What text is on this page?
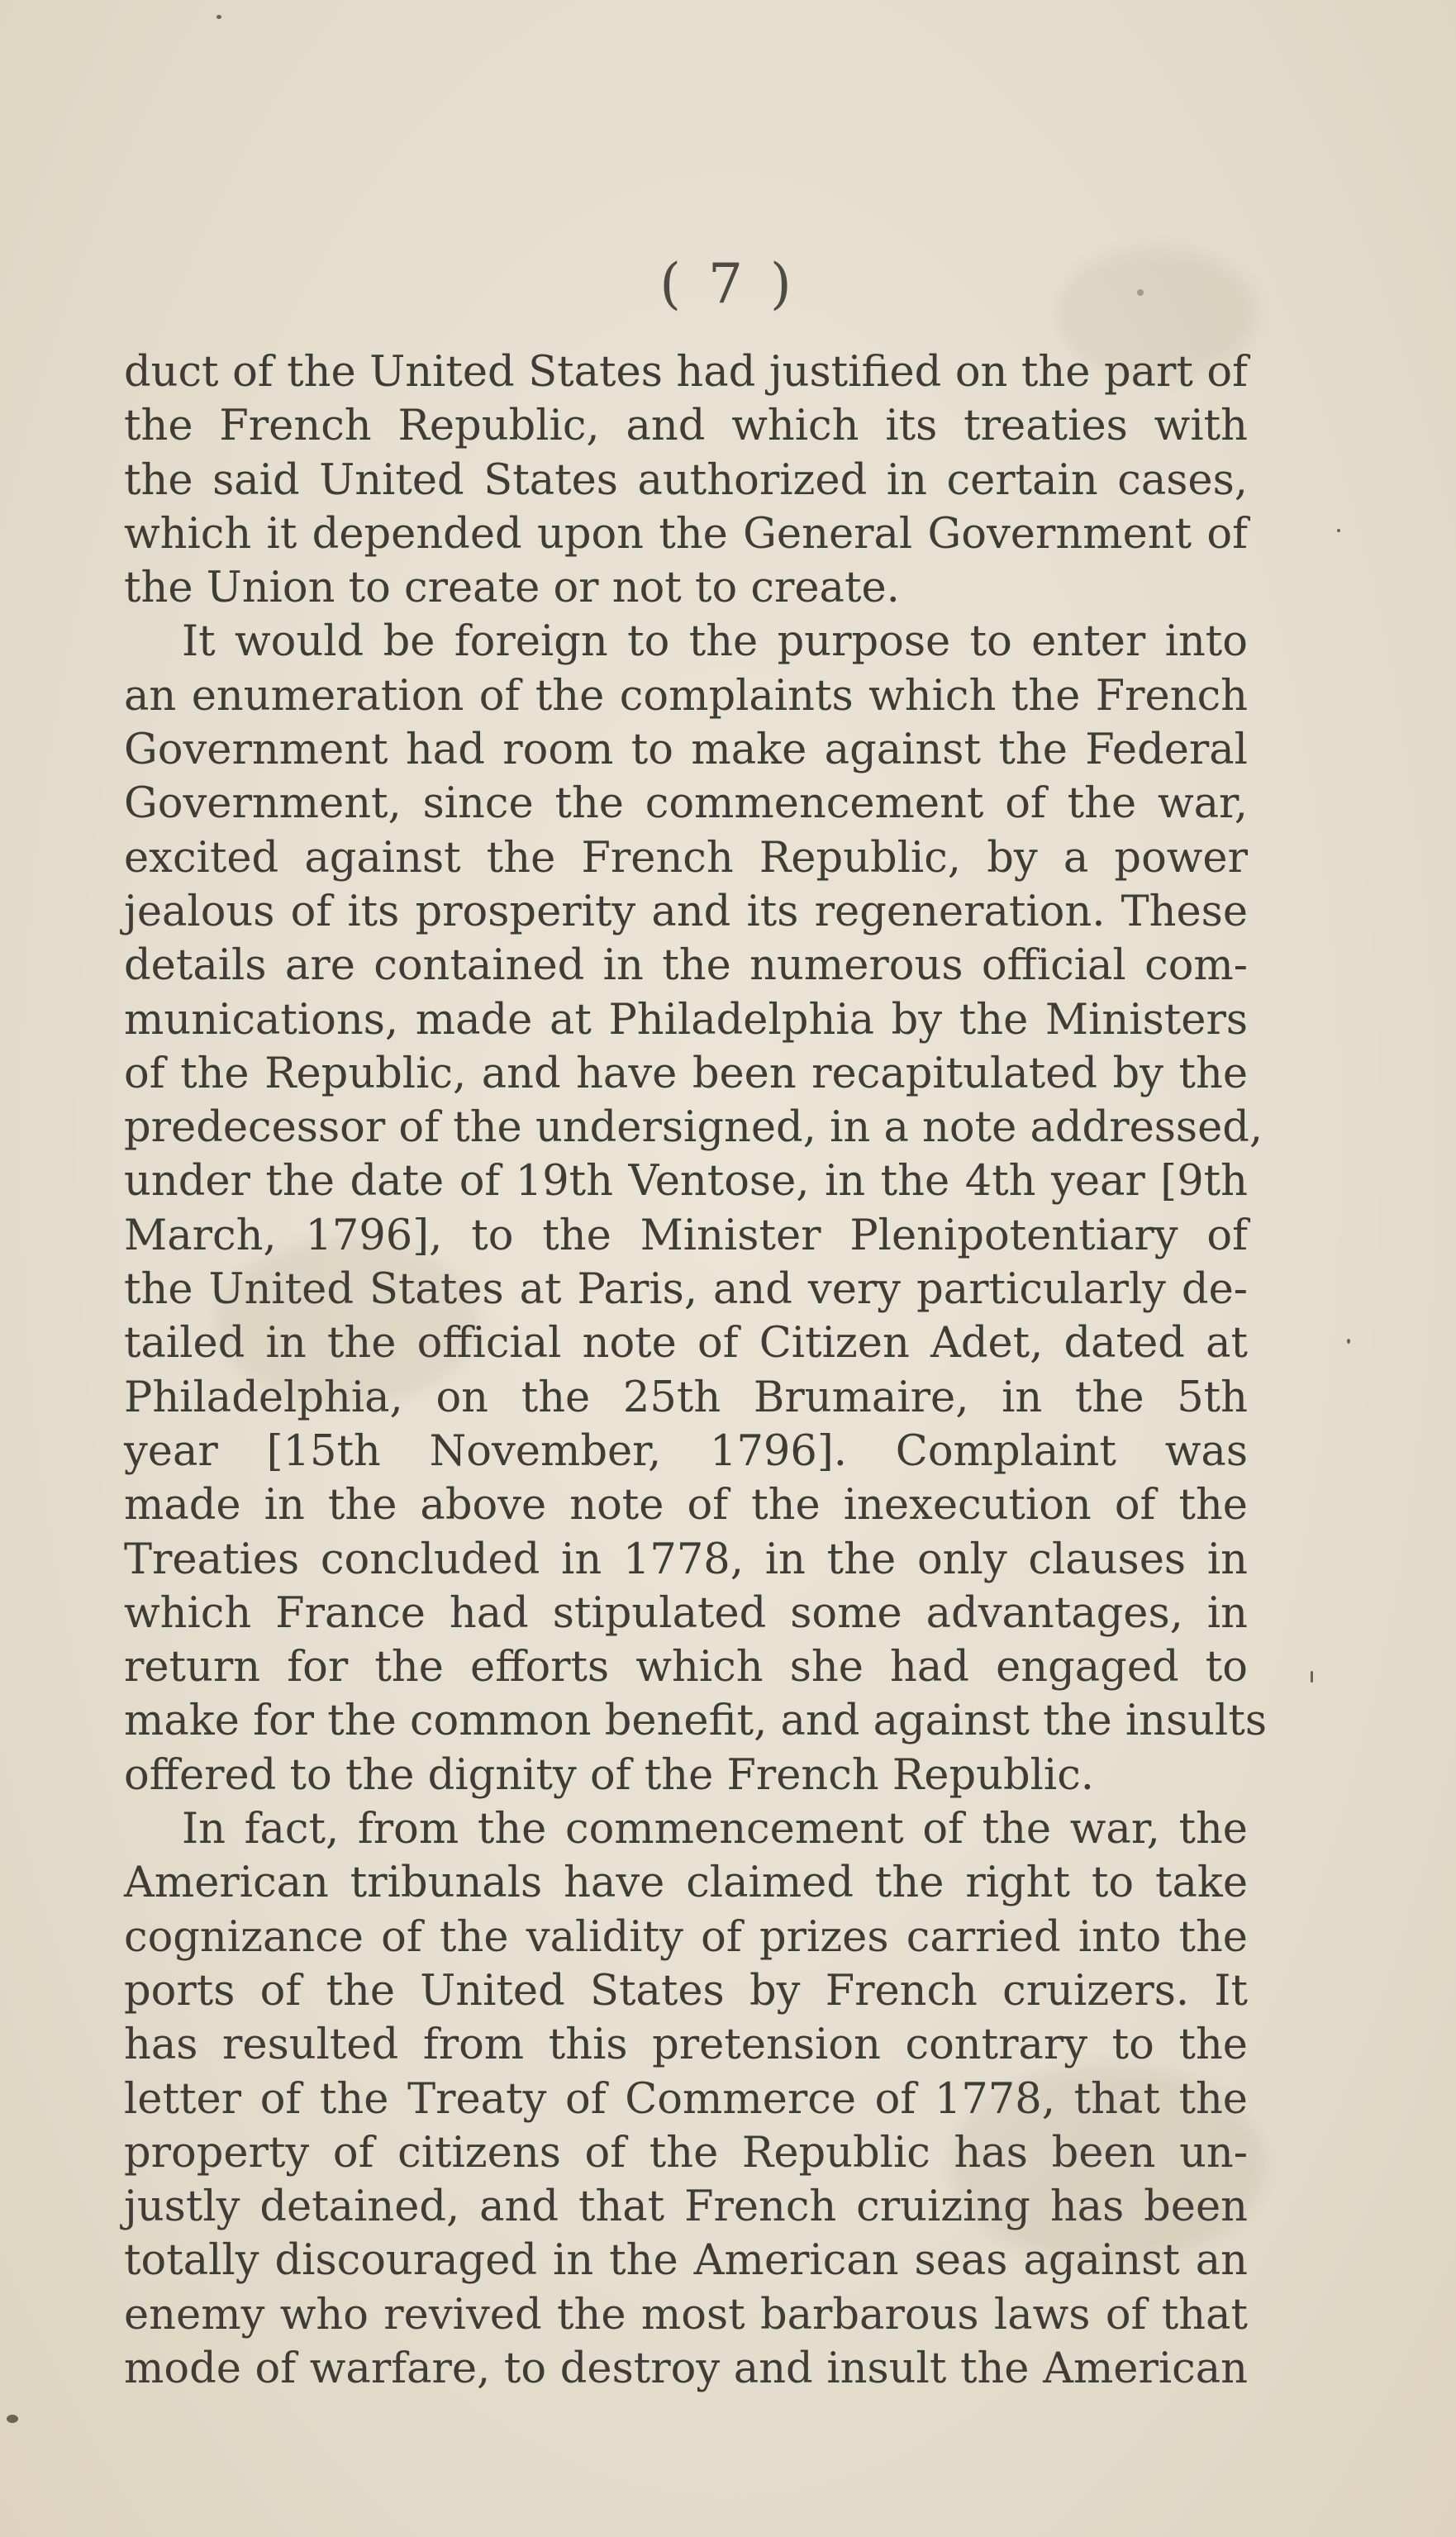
( 7 )
duct of the United States had justified on the part of
the French Republic, and which its treaties with
the said United States authorized in certain cases,
which it depended upon the General Government of
the Union to create or not to create.
It would be foreign to the purpose to enter into
an enumeration of the complaints which the French
Government had room to make against the Federal
Government, since the commencement of the war,
excited against the French Republic, by a power
jealous of its prosperity and its regeneration. These
details are contained in the numerous official com-
munications, made at Philadelphia by the Ministers
of the Republic, and have been recapitulated by the
predecessor of the undersigned, in a note addressed,
under the date of 19th Ventose, in the 4th year [9th
March, 1796], to the Minister Plenipotentiary of
the United States at Paris, and very particularly de-
tailed in the official note of Citizen Adet, dated at
Philadelphia, on the 25th Brumaire, in the 5th
year [15th November, 1796]. Complaint was
made in the above note of the inexecution of the
Treaties concluded in 1778, in the only clauses in
which France had stipulated some advantages, in
return for the efforts which she had engaged to
make for the common benefit, and against the insults
offered to the dignity of the French Republic.
In fact, from the commencement of the war, the
American tribunals have claimed the right to take
cognizance of the validity of prizes carried into the
ports of the United States by French cruizers. It
has resulted from this pretension contrary to the
letter of the Treaty of Commerce of 1778, that the
property of citizens of the Republic has been un-
justly detained, and that French cruizing has been
totally discouraged in the American seas against an
enemy who revived the most barbarous laws of that
mode of warfare, to destroy and insult the American
